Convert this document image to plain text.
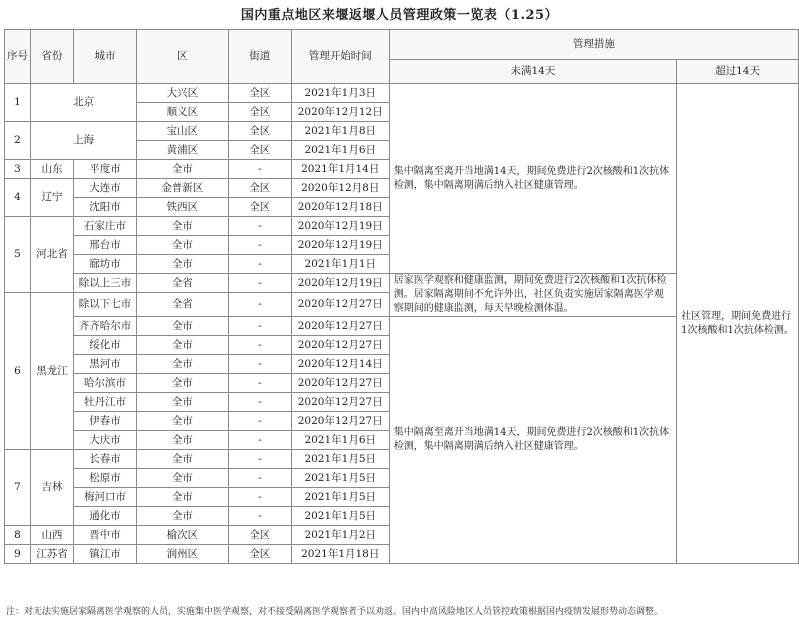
国内重点地区来堰返堰人员管理政策一览表（1.25）
序号	省份	城市	区	街道	管理开始时间	管理措施	
						未满14天	超过14天
1	北京		大兴区	全区	2021年1月3日	集中隔离至离开当地满14天，期间免费进行2次核酸和1次抗体检测，集中隔离期满后纳入社区健康管理。	社区管理，期间免费进行1次核酸和1次抗体检测。
			顺义区	全区	2020年12月12日		
2	上海		宝山区	全区	2021年1月8日		
			黄浦区	全区	2021年1月6日		
3	山东	平度市	全市	-	2021年1月14日		
4	辽宁	大连市	金普新区	全区	2020年12月8日		
		沈阳市	铁西区	全区	2020年12月18日		
5	河北省	石家庄市	全市	-	2020年12月19日		
		邢台市	全市	-	2020年12月19日		
		廊坊市	全市	-	2021年1月1日		
		除以上三市	全省	-	2020年12月19日	居家医学观察和健康监测，期间免费进行2次核酸和1次抗体检测。居家隔离期间不允许外出，社区负责实施居家隔离医学观察期间的健康监测，每天早晚检测体温。	
6	黑龙江	除以下七市	全省	-	2020年12月27日		
		齐齐哈尔市	全市	-	2020年12月27日	集中隔离至离开当地满14天，期间免费进行2次核酸和1次抗体检测，集中隔离期满后纳入社区健康管理。	
		绥化市	全市	-	2020年12月27日		
		黑河市	全市	-	2020年12月14日		
		哈尔滨市	全市	-	2020年12月27日		
		牡丹江市	全市	-	2020年12月27日		
		伊春市	全市	-	2020年12月27日		
		大庆市	全市	-	2021年1月6日		
7	吉林	长春市	全市	-	2021年1月5日		
		松原市	全市	-	2021年1月5日		
		梅河口市	全市	-	2021年1月5日		
		通化市	全市	-	2021年1月5日		
8	山西	晋中市	榆次区	全区	2021年1月2日		
9	江苏省	镇江市	润州区	全区	2021年1月18日		
注：对无法实施居家隔离医学观察的人员，实施集中医学观察，对不接受隔离医学观察者予以劝返。国内中高风险地区人员管控政策根据国内疫情发展形势动态调整。
